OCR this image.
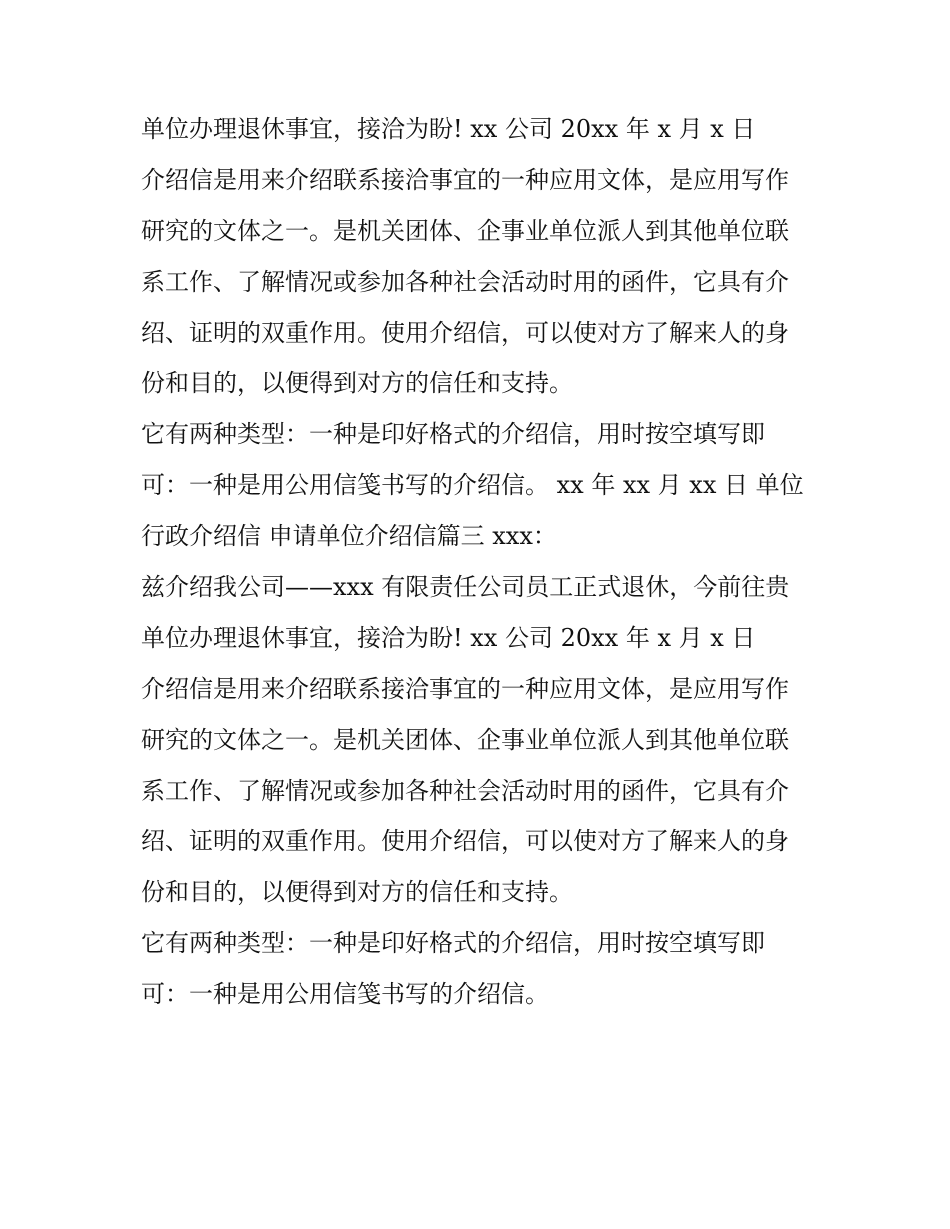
单位办理退休事宜，接洽为盼! xx 公司 20xx 年 x 月 x 日
介绍信是用来介绍联系接洽事宜的一种应用文体，是应用写作
研究的文体之一。是机关团体、企事业单位派人到其他单位联
系工作、了解情况或参加各种社会活动时用的函件，它具有介
绍、证明的双重作用。使用介绍信，可以使对方了解来人的身
份和目的，以便得到对方的信任和支持。
它有两种类型：一种是印好格式的介绍信，用时按空填写即
可：一种是用公用信笺书写的介绍信。 xx 年 xx 月 xx 日 单位
行政介绍信 申请单位介绍信篇三 xxx：
兹介绍我公司——xxx 有限责任公司员工正式退休，今前往贵
单位办理退休事宜，接洽为盼! xx 公司 20xx 年 x 月 x 日
介绍信是用来介绍联系接洽事宜的一种应用文体，是应用写作
研究的文体之一。是机关团体、企事业单位派人到其他单位联
系工作、了解情况或参加各种社会活动时用的函件，它具有介
绍、证明的双重作用。使用介绍信，可以使对方了解来人的身
份和目的，以便得到对方的信任和支持。
它有两种类型：一种是印好格式的介绍信，用时按空填写即
可：一种是用公用信笺书写的介绍信。
